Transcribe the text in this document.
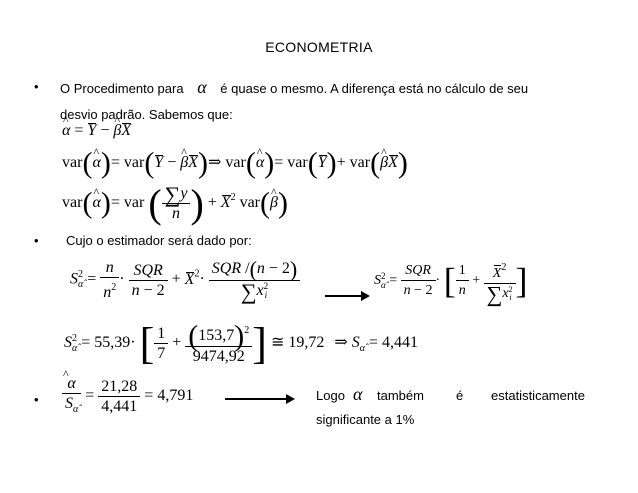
ECONOMETRIA
• O Procedimento para α é quase o mesmo. A diferença está no cálculo de seu
desvio padrão. Sabemos que:
^ α = Y − ^ βX
var(^ α)= var(Y − ^ βX)⇒ var(^ α)= var(Y)+ var(^ βX)
var(^ α)= var ( $\frac{\sum y}{n}$ ) + $X^2$ var(^ β)
• Cujo o estimador será dado por:
S 2
α̂ = $\frac{n}{n^2} \cdot \frac{\text{SQR}}{n - 2} + X^2\cdot$ SQR /(n − 2)
∑x 2
i	S 2
α̂ = $\frac{\text{SQR}}{n - 2}$ · [ $\frac{1}{n} + X^2$
∑x 2
i ]
S 2
α̂ = 55,39· [ $\frac{1}{7} + \frac{(153,7)^2}{9474,92}$ ] ≅ 19,72 ⇒ $S_{\alphâ} = 4,441$
•
^ $\frac{\alpha}{S_{\alphâ}} = \frac{21,28}{4,441} = 4,791$	Logo α também é estatisticamente
significante a 1%
